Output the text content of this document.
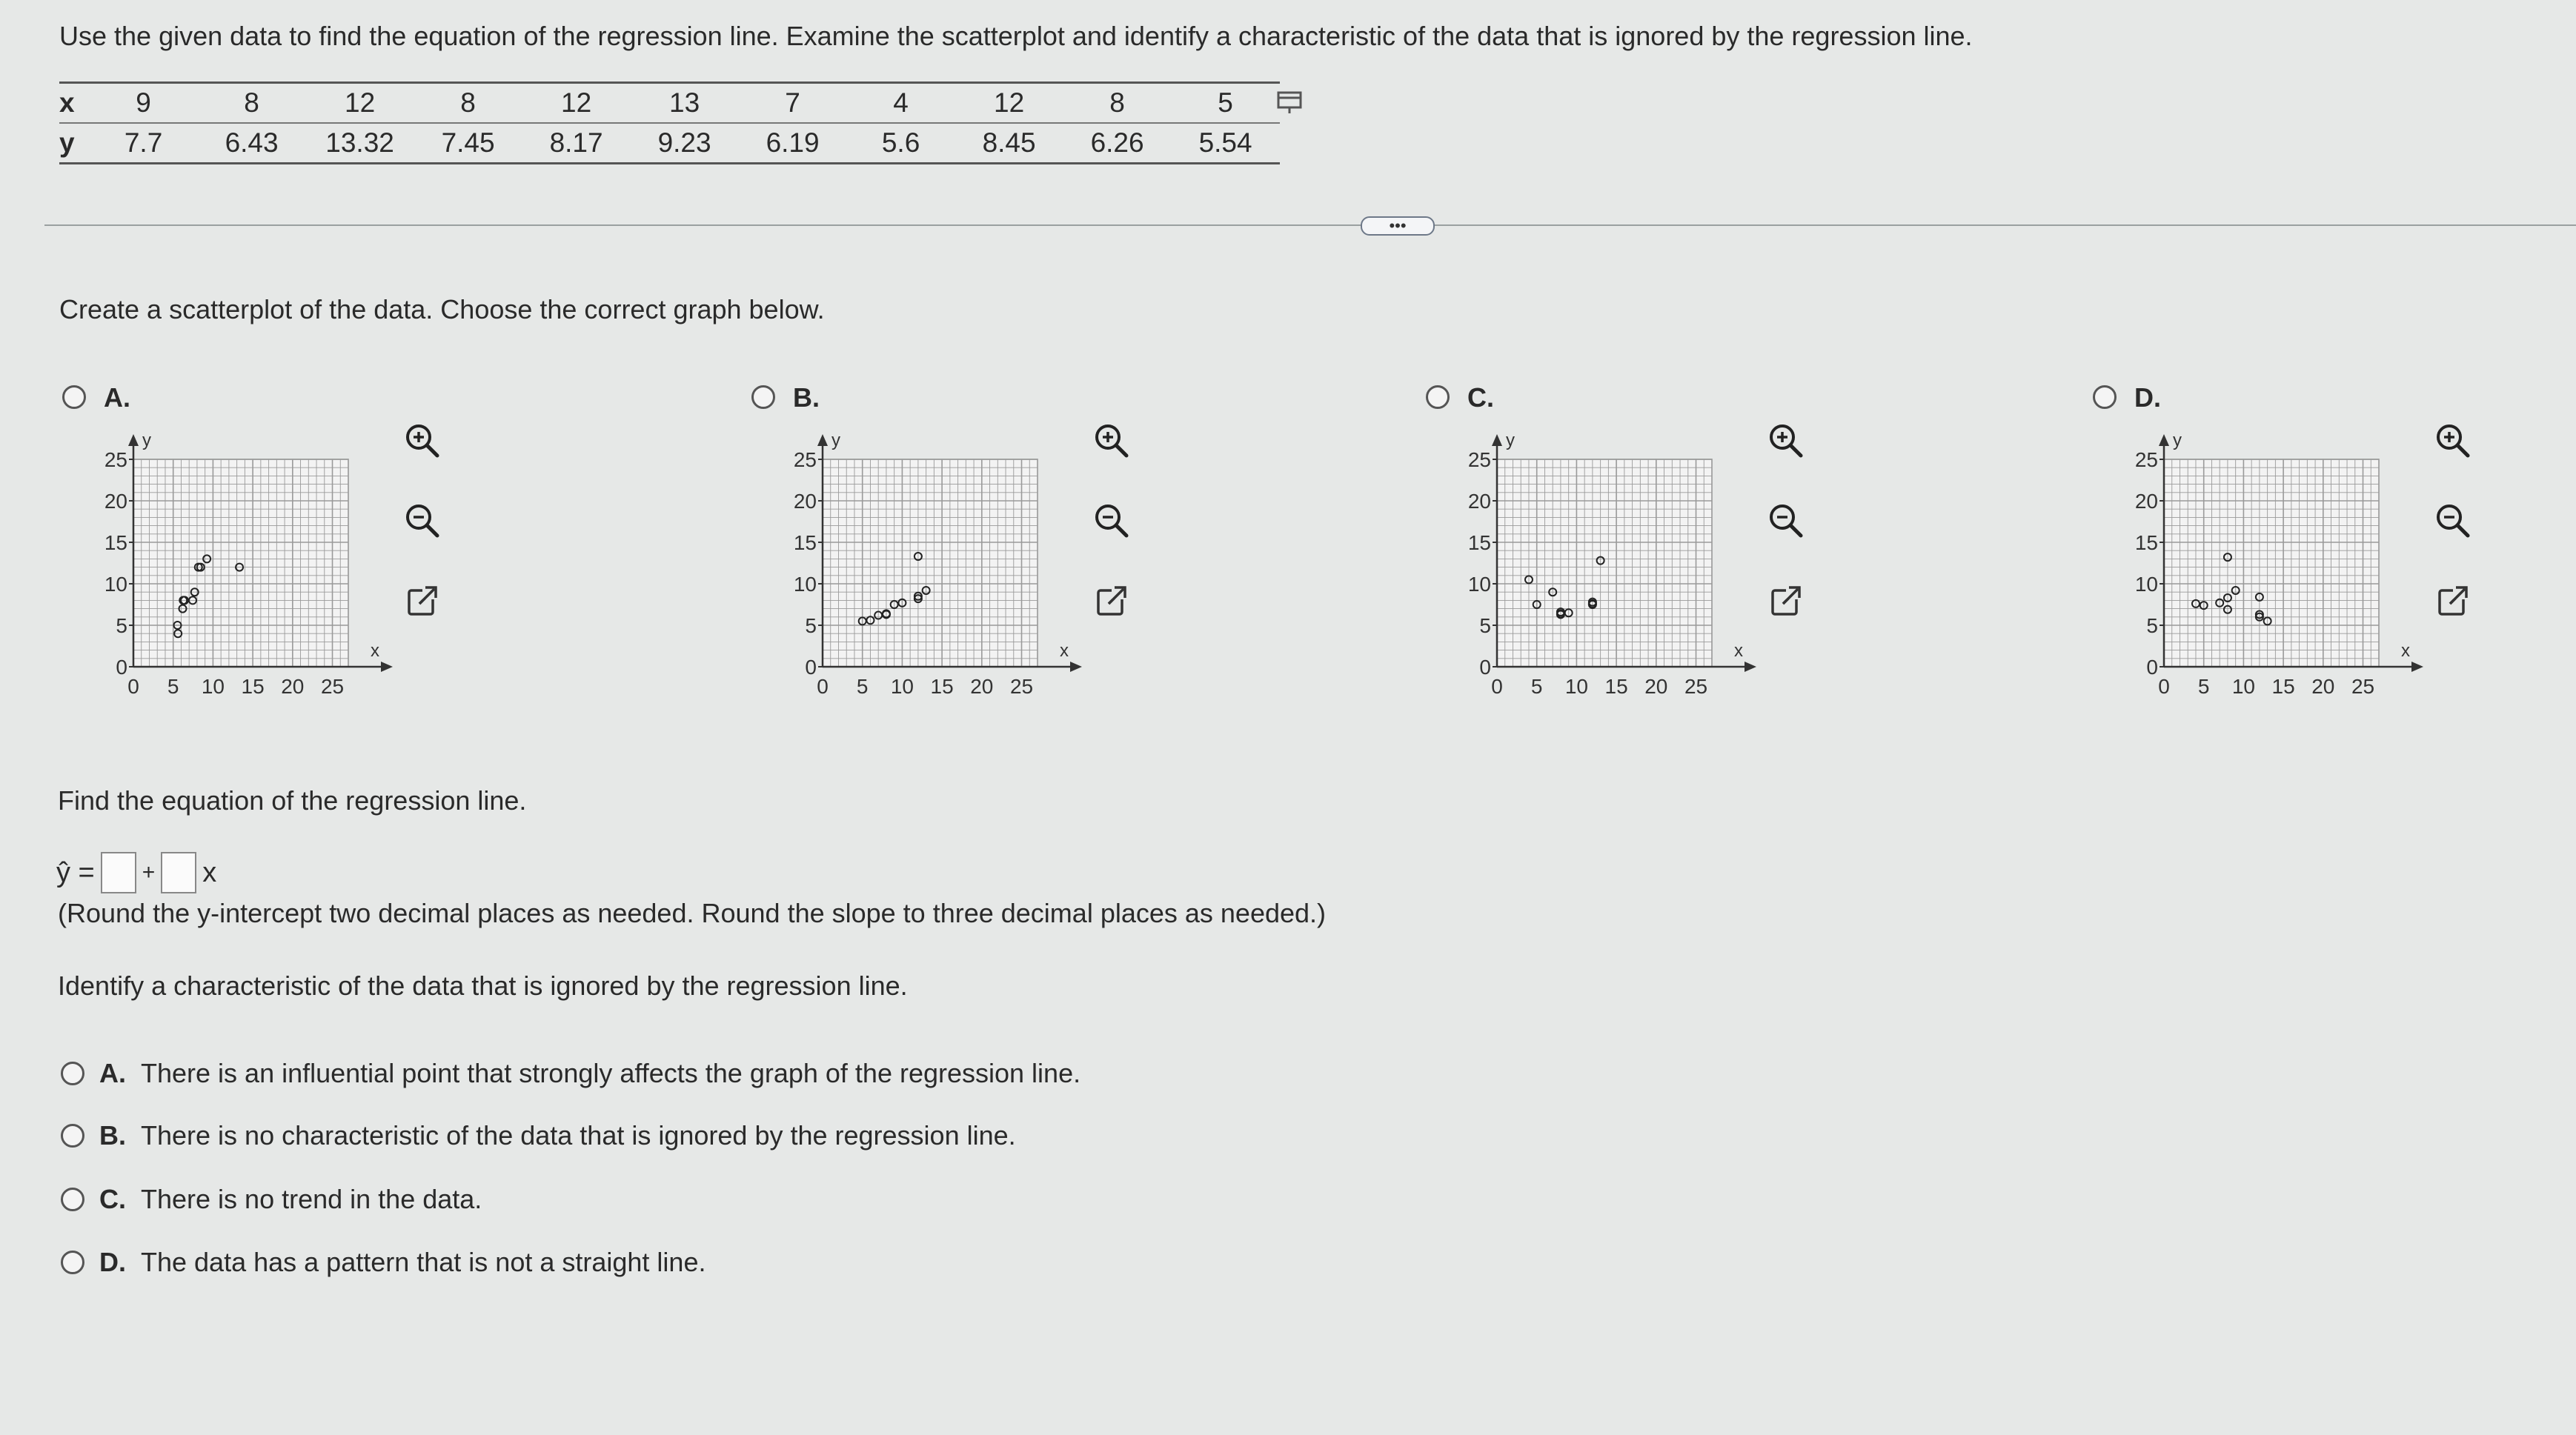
Use the given data to find the equation of the regression line. Examine the scatterplot and identify a characteristic of the data that is ignored by the regression line.
x	9	8	12	8	12	13	7	4	12	8	5
y	7.7	6.43	13.32	7.45	8.17	9.23	6.19	5.6	8.45	6.26	5.54
•••
Create a scatterplot of the data. Choose the correct graph below.
A.
y
x
0
0
5
5
10
10
15
15
20
20
25
25
B.
y
x
0
0
5
5
10
10
15
15
20
20
25
25
C.
y
x
0
0
5
5
10
10
15
15
20
20
25
25
D.
y
x
0
0
5
5
10
10
15
15
20
20
25
25
Find the equation of the regression line.
ŷ = + x
(Round the y-intercept two decimal places as needed. Round the slope to three decimal places as needed.)
Identify a characteristic of the data that is ignored by the regression line.
A. There is an influential point that strongly affects the graph of the regression line.
B. There is no characteristic of the data that is ignored by the regression line.
C. There is no trend in the data.
D. The data has a pattern that is not a straight line.
